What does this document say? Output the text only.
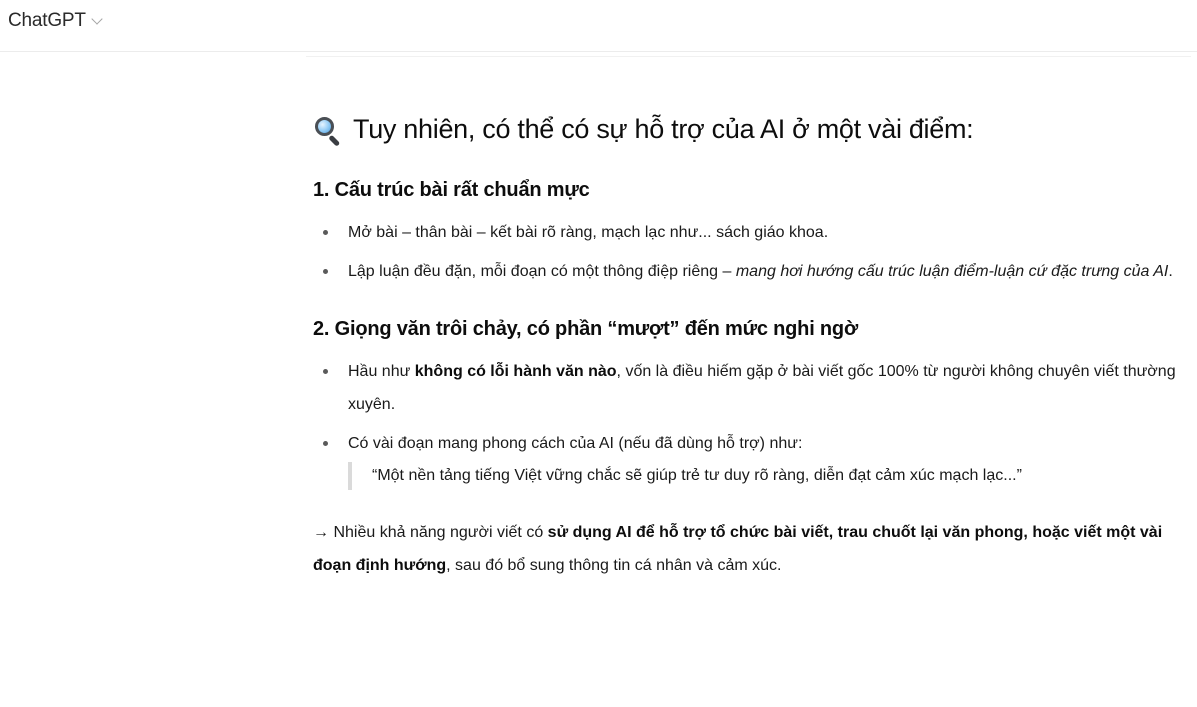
ChatGPT
Tuy nhiên, có thể có sự hỗ trợ của AI ở một vài điểm:
1. Cấu trúc bài rất chuẩn mực
Mở bài – thân bài – kết bài rõ ràng, mạch lạc như... sách giáo khoa.
Lập luận đều đặn, mỗi đoạn có một thông điệp riêng – mang hơi hướng cấu trúc luận điểm-luận cứ đặc trưng của AI.
2. Giọng văn trôi chảy, có phần “mượt” đến mức nghi ngờ
Hầu như không có lỗi hành văn nào, vốn là điều hiếm gặp ở bài viết gốc 100% từ người không chuyên viết thường xuyên.
Có vài đoạn mang phong cách của AI (nếu đã dùng hỗ trợ) như:
“Một nền tảng tiếng Việt vững chắc sẽ giúp trẻ tư duy rõ ràng, diễn đạt cảm xúc mạch lạc...”

→ Nhiều khả năng người viết có sử dụng AI để hỗ trợ tổ chức bài viết, trau chuốt lại văn phong, hoặc viết một vài đoạn định hướng, sau đó bổ sung thông tin cá nhân và cảm xúc.
